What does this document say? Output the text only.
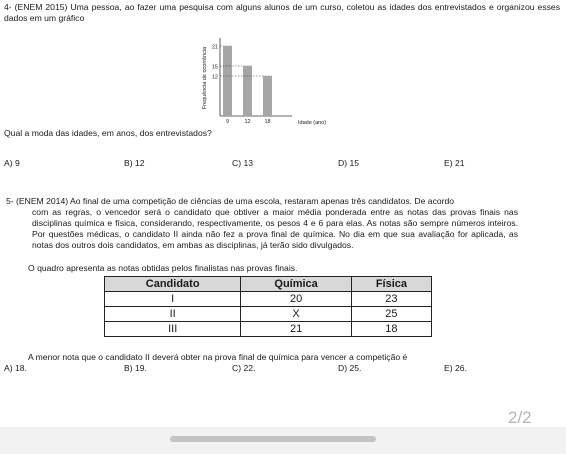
4- (ENEM 2015) Uma pessoa, ao fazer uma pesquisa com alguns alunos de um curso, coletou as idades dos entrevistados e organizou esses dados em um gráfico
21
9
15
12
12
18	Idade (ano)
Frequência de ocorrência
Qual a moda das idades, em anos, dos entrevistados?
A) 9	B) 12	C) 13	D) 15	E) 21
5- (ENEM 2014) Ao final de uma competição de ciências de uma escola, restaram apenas três candidatos. De acordo
com as regras, o vencedor será o candidato que obtiver a maior média ponderada entre as notas das provas finais nas disciplinas química e física, considerando, respectivamente, os pesos 4 e 6 para elas. As notas são sempre números inteiros. Por questões médicas, o candidato II ainda não fez a prova final de química. No dia em que sua avaliação for aplicada, as notas dos outros dois candidatos, em ambas as disciplinas, já terão sido divulgados.
O quadro apresenta as notas obtidas pelos finalistas nas provas finais.
Candidato	Química	Física
I	20	23
II	X	25
III	21	18
A menor nota que o candidato II deverá obter na prova final de química para vencer a competição é
A) 18.	B) 19.	C) 22.	D) 25.	E) 26.
2/2
